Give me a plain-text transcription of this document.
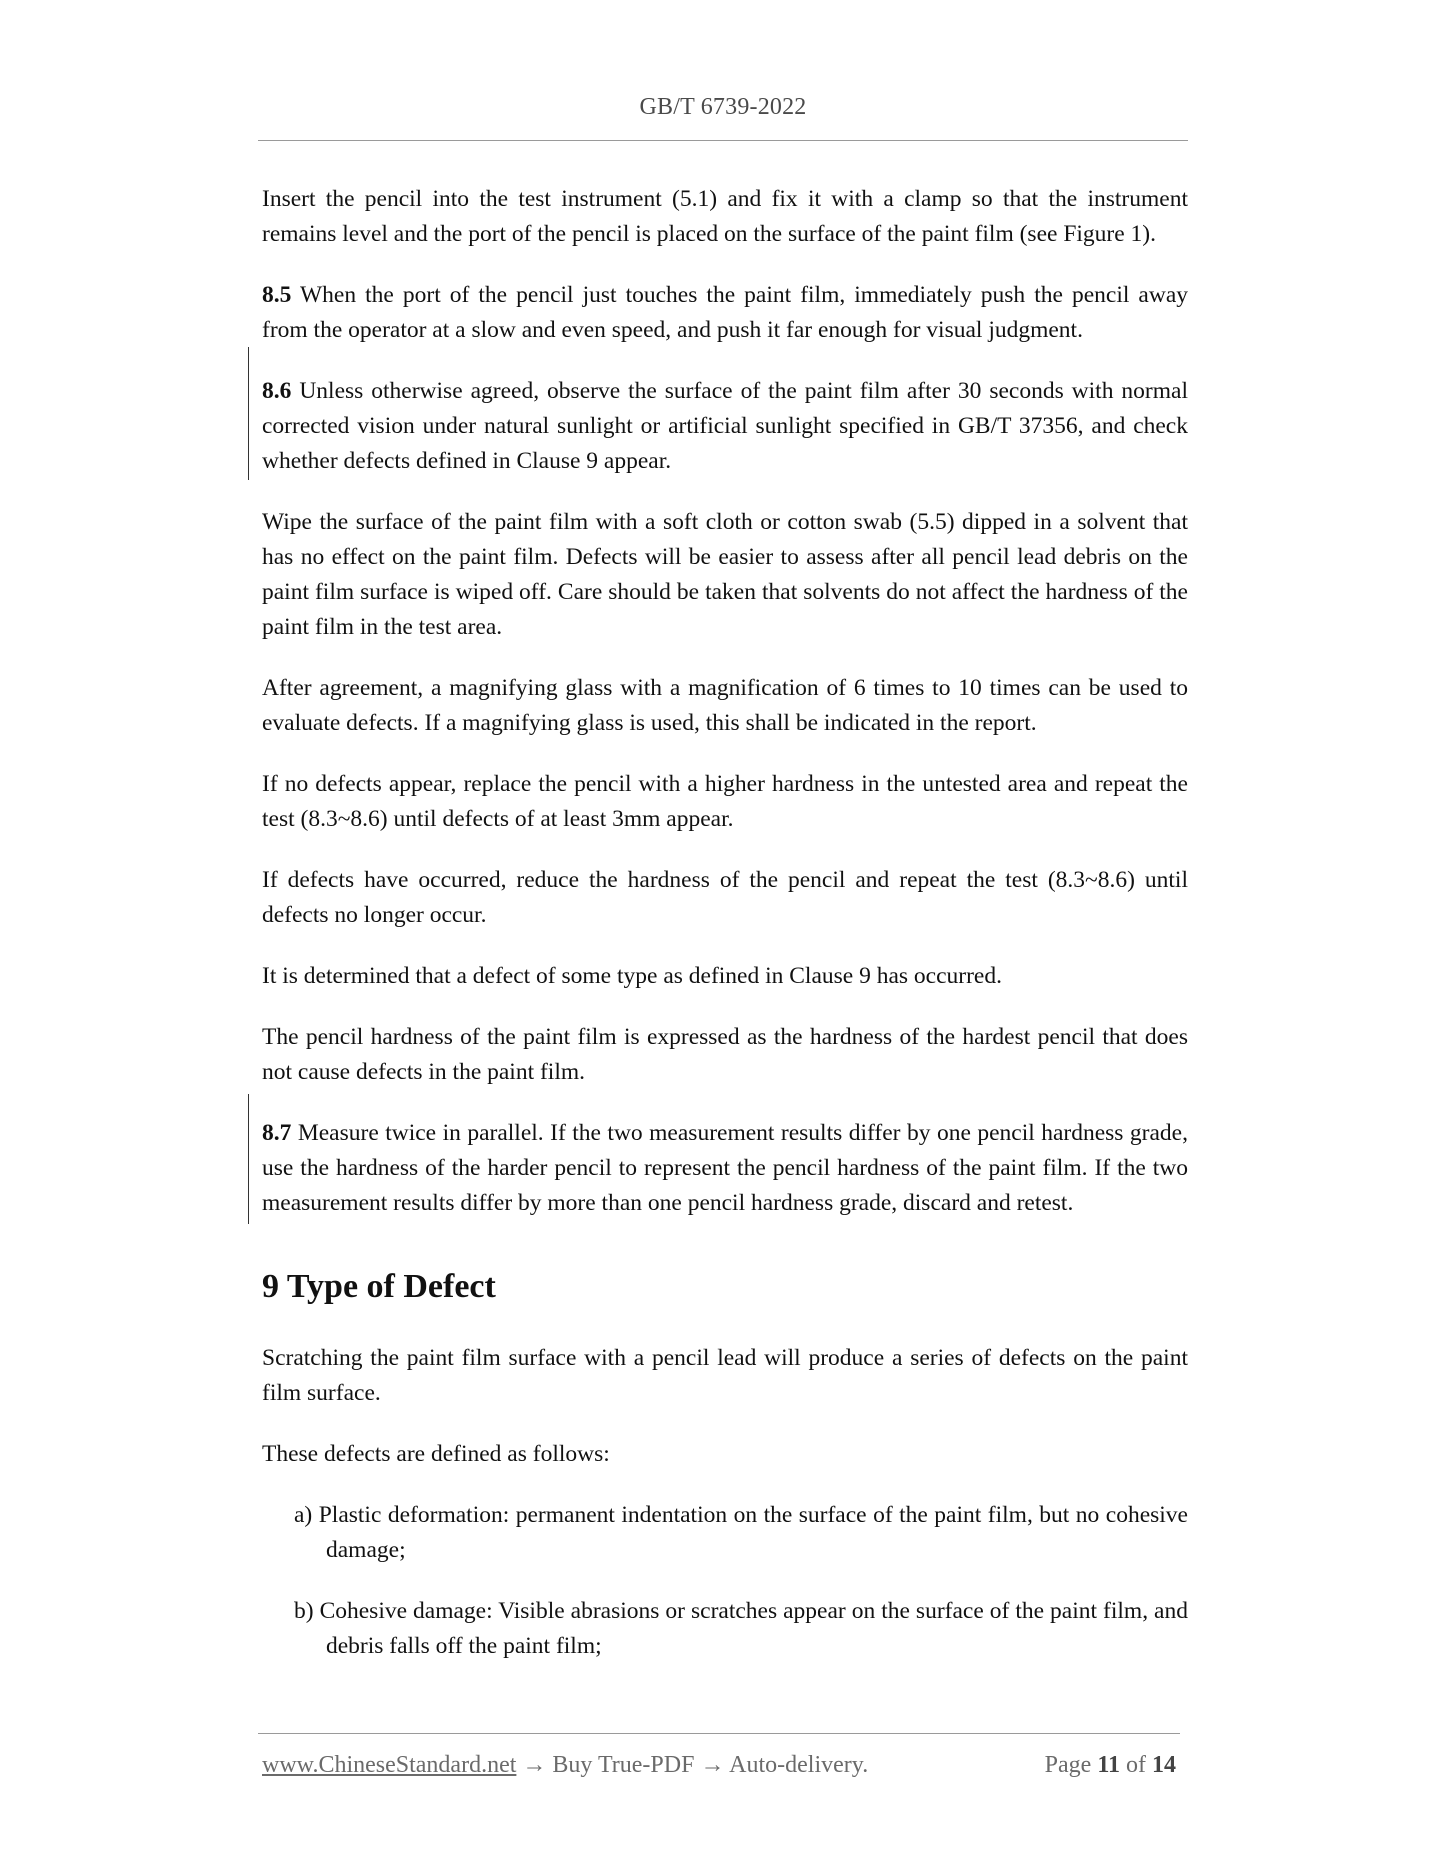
GB/T 6739-2022

Insert the pencil into the test instrument (5.1) and fix it with a clamp so that the instrument remains level and the port of the pencil is placed on the surface of the paint film (see Figure 1).

8.5 When the port of the pencil just touches the paint film, immediately push the pencil away from the operator at a slow and even speed, and push it far enough for visual judgment.

8.6 Unless otherwise agreed, observe the surface of the paint film after 30 seconds with normal corrected vision under natural sunlight or artificial sunlight specified in GB/T 37356, and check whether defects defined in Clause 9 appear.

Wipe the surface of the paint film with a soft cloth or cotton swab (5.5) dipped in a solvent that has no effect on the paint film. Defects will be easier to assess after all pencil lead debris on the paint film surface is wiped off. Care should be taken that solvents do not affect the hardness of the paint film in the test area.

After agreement, a magnifying glass with a magnification of 6 times to 10 times can be used to evaluate defects. If a magnifying glass is used, this shall be indicated in the report.

If no defects appear, replace the pencil with a higher hardness in the untested area and repeat the test (8.3~8.6) until defects of at least 3mm appear.

If defects have occurred, reduce the hardness of the pencil and repeat the test (8.3~8.6) until defects no longer occur.

It is determined that a defect of some type as defined in Clause 9 has occurred.

The pencil hardness of the paint film is expressed as the hardness of the hardest pencil that does not cause defects in the paint film.

8.7 Measure twice in parallel. If the two measurement results differ by one pencil hardness grade, use the hardness of the harder pencil to represent the pencil hardness of the paint film. If the two measurement results differ by more than one pencil hardness grade, discard and retest.

9 Type of Defect

Scratching the paint film surface with a pencil lead will produce a series of defects on the paint film surface.

These defects are defined as follows:

a) Plastic deformation: permanent indentation on the surface of the paint film, but no cohesive damage;

b) Cohesive damage: Visible abrasions or scratches appear on the surface of the paint film, and debris falls off the paint film;

www.ChineseStandard.net → Buy True-PDF → Auto-delivery.	Page 11 of 14
